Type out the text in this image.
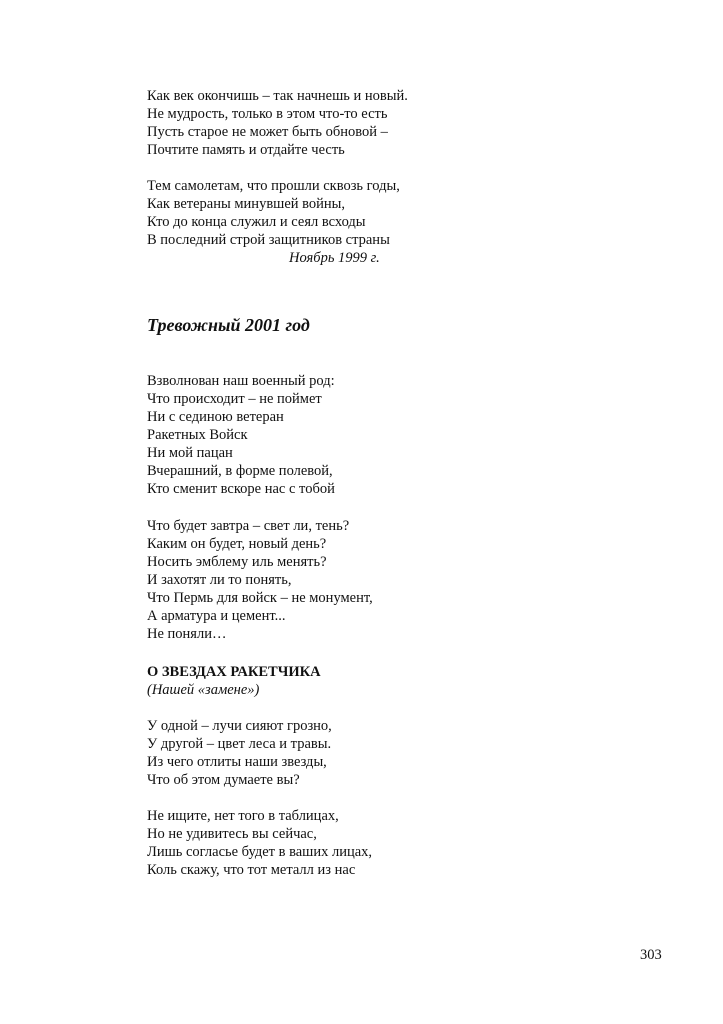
Как век окончишь – так начнешь и новый.

Не мудрость, только в этом что-то есть

Пусть старое не может быть обновой –

Почтите память и отдайте честь

Тем самолетам, что прошли сквозь годы,

Как ветераны минувшей войны,

Кто до конца служил и сеял всходы

В последний строй защитников страны

Ноябрь 1999 г.
Тревожный 2001 год

Взволнован наш военный род:

Что происходит – не поймет

Ни с сединою ветеран

Ракетных Войск

Ни мой пацан

Вчерашний, в форме полевой,

Кто сменит вскоре нас с тобой

Что будет завтра – свет ли, тень?

Каким он будет, новый день?

Носить эмблему иль менять?

И захотят ли то понять,

Что Пермь для войск – не монумент,

А арматура и цемент...

Не поняли…

О ЗВЕЗДАХ РАКЕТЧИКА
(Нашей «замене»)

У одной – лучи сияют грозно,

У другой – цвет леса и травы.

Из чего отлиты наши звезды,

Что об этом думаете вы?

Не ищите, нет того в таблицах,

Но не удивитесь вы сейчас,

Лишь согласье будет в ваших лицах,

Коль скажу, что тот металл из нас

303
